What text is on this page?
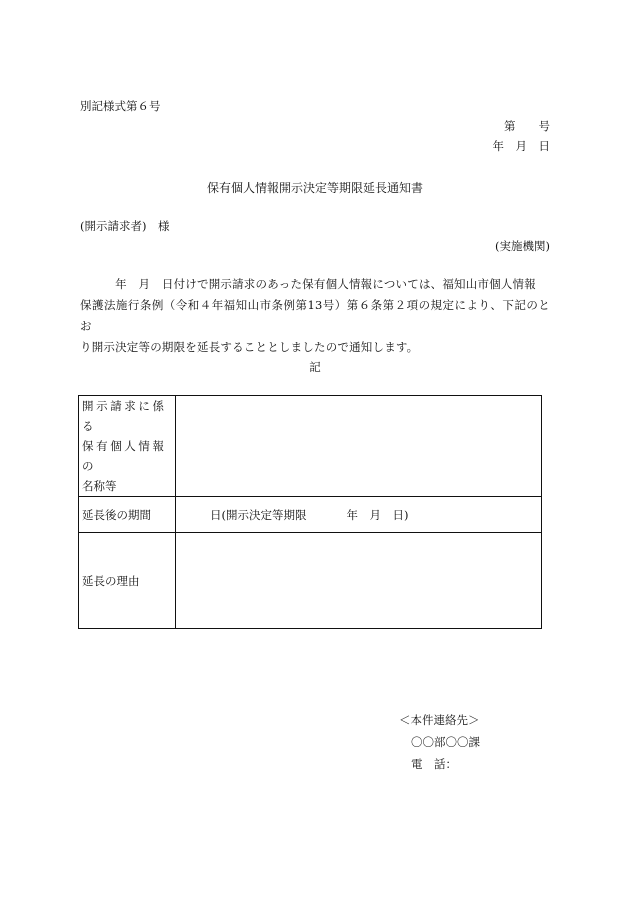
別記様式第６号
第　　号
年　月　日
保有個人情報開示決定等期限延長通知書
(開示請求者)　様
(実施機関)
　　　年　月　日付けで開示請求のあった保有個人情報については、福知山市個人情報
保護法施行条例（令和４年福知山市条例第13号）第６条第２項の規定により、下記のとお
り開示決定等の期限を延長することとしましたので通知します。
記
開示請求に係る
保有個人情報の
名称等	

延長後の期間	日(開示決定等期限 年　月　日)
延長の理由	
＜本件連絡先＞
〇〇部〇〇課
電　話：
